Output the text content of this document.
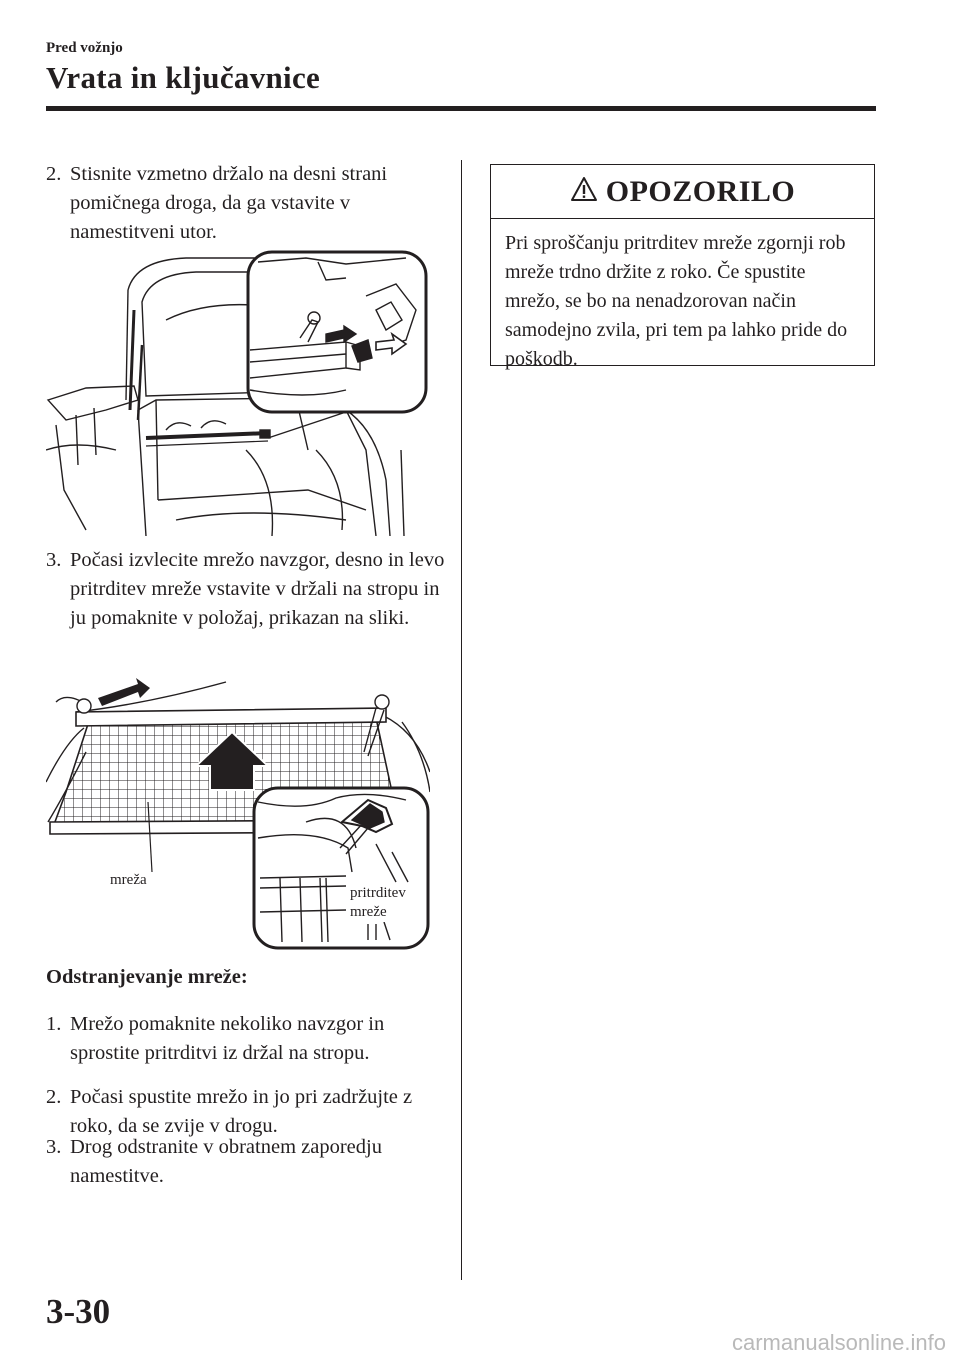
Pred vožnjo
Vrata in ključavnice
2. Stisnite vzmetno držalo na desni strani pomičnega droga, da ga vstavite v namestitveni utor.
3. Počasi izvlecite mrežo navzgor, desno in levo pritrditev mreže vstavite v držali na stropu in ju pomaknite v položaj, prikazan na sliki.
mreža
pritrditev
mreže
Odstranjevanje mreže:
1. Mrežo pomaknite nekoliko navzgor in sprostite pritrditvi iz držal na stropu.
2. Počasi spustite mrežo in jo pri zadržujte z roko, da se zvije v drogu.
3. Drog odstranite v obratnem zaporedju namestitve.
OPOZORILO
Pri sproščanju pritrditev mreže zgornji rob mreže trdno držite z roko. Če spustite mrežo, se bo na nenadzorovan način samodejno zvila, pri tem pa lahko pride do poškodb.
3-30
carmanualsonline.info
